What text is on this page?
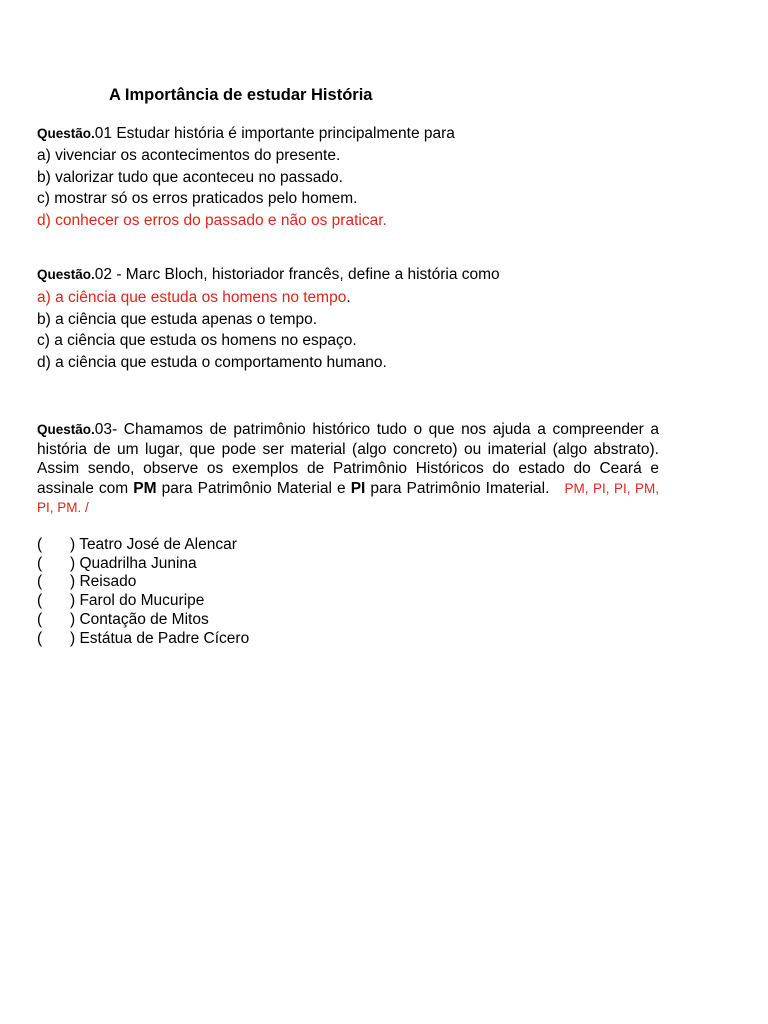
A Importância de estudar História
Questão.01 Estudar história é importante principalmente para
a) vivenciar os acontecimentos do presente.
b) valorizar tudo que aconteceu no passado.
c) mostrar só os erros praticados pelo homem.
d) conhecer os erros do passado e não os praticar.
Questão.02 - Marc Bloch, historiador francês, define a história como
a) a ciência que estuda os homens no tempo.
b) a ciência que estuda apenas o tempo.
c) a ciência que estuda os homens no espaço.
d) a ciência que estuda o comportamento humano.
Questão.03- Chamamos de patrimônio histórico tudo o que nos ajuda a compreender a história de um lugar, que pode ser material (algo concreto) ou imaterial (algo abstrato). Assim sendo, observe os exemplos de Patrimônio Históricos do estado do Ceará e assinale com PM para Patrimônio Material e PI para Patrimônio Imaterial. PM, PI, PI, PM, PI, PM. /
( ) Teatro José de Alencar
( ) Quadrilha Junina
( ) Reisado
( ) Farol do Mucuripe
( ) Contação de Mitos
( ) Estátua de Padre Cícero
